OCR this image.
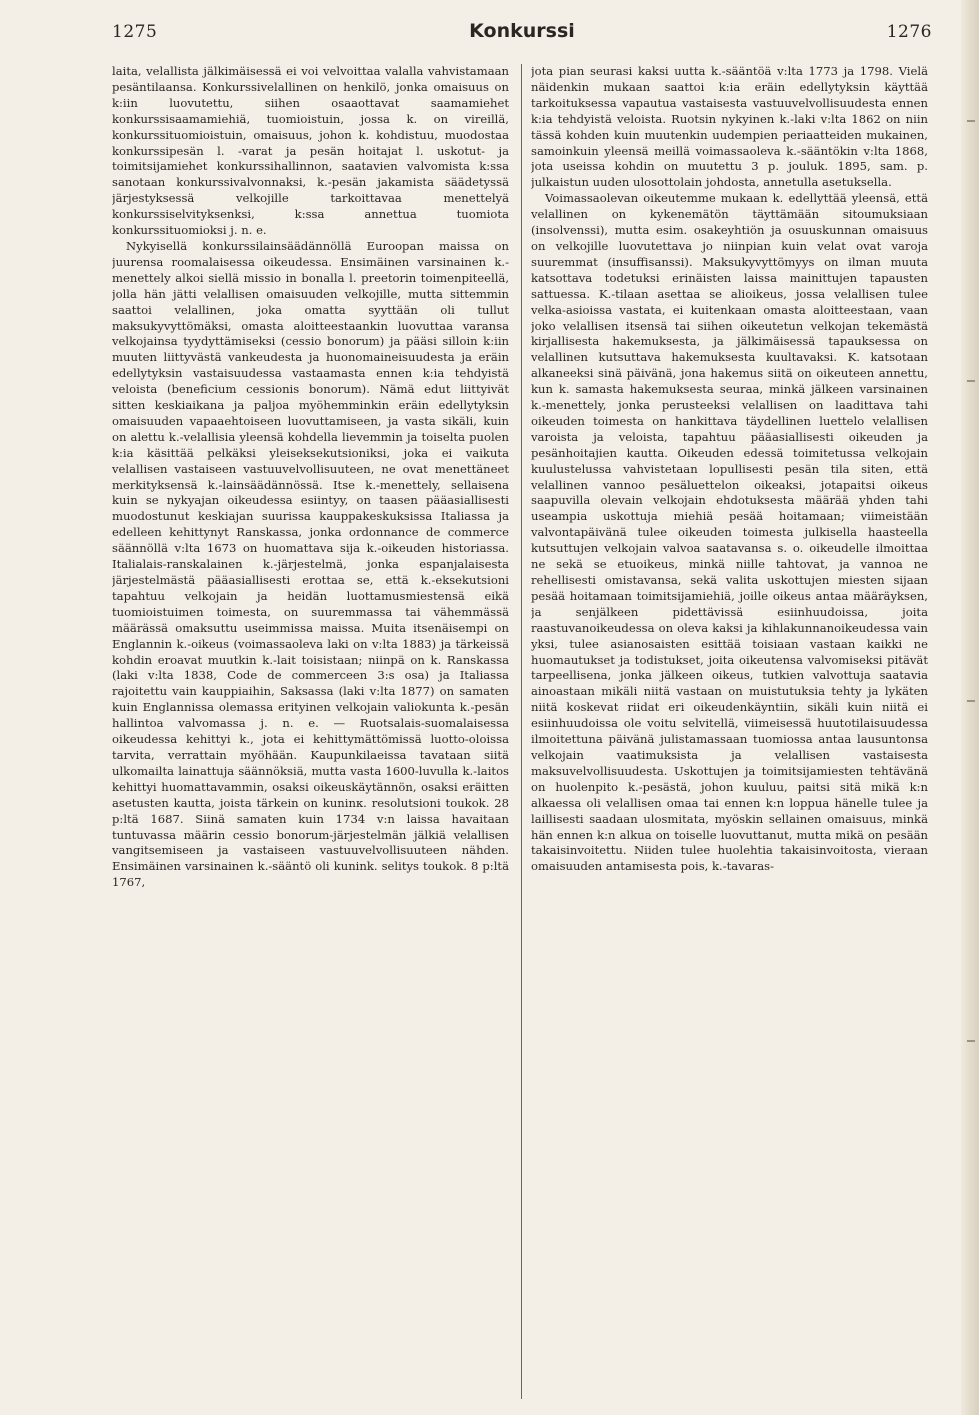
1275	Konkurssi	1276

laita, velallista jälkimäisessä ei voi velvoittaa valalla vahvistamaan pesäntilaansa. Konkurssivelallinen on henkilö, jonka omaisuus on k:iin luovutettu, siihen osaaottavat saamamiehet konkurssisaamamiehiä, tuomioistuin, jossa k. on vireillä, konkurssituomioistuin, omaisuus, johon k. kohdistuu, muodostaa konkurssipesän l. -varat ja pesän hoitajat l. uskotut- ja toimitsijamiehet konkurssihallinnon, saatavien valvomista k:ssa sanotaan konkurssivalvonnaksi, k.-pesän jakamista säädetyssä järjestyksessä velkojille tarkoittavaa menettelyä konkurssiselvityksenksi, k:ssa annettua tuomiota konkurssituomioksi j. n. e.

Nykyisellä konkurssilainsäädännöllä Euroopan maissa on juurensa roomalaisessa oikeudessa. Ensimäinen varsinainen k.-menettely alkoi siellä missio in bonalla l. preetorin toimenpiteellä, jolla hän jätti velallisen omaisuuden velkojille, mutta sittemmin saattoi velallinen, joka omatta syyttään oli tullut maksukyvyttömäksi, omasta aloitteestaankin luovuttaa varansa velkojainsa tyydyttämiseksi (cessio bonorum) ja pääsi silloin k:iin muuten liittyvästä vankeudesta ja huonomaineisuudesta ja eräin edellytyksin vastaisuudessa vastaamasta ennen k:ia tehdyistä veloista (beneficium cessionis bonorum). Nämä edut liittyivät sitten keskiaikana ja paljoa myöhemminkin eräin edellytyksin omaisuuden vapaaehtoiseen luovuttamiseen, ja vasta sikäli, kuin on alettu k.-velallisia yleensä kohdella lievemmin ja toiselta puolen k:ia käsittää pelkäksi yleiseksekutsioniksi, joka ei vaikuta velallisen vastaiseen vastuuvelvollisuuteen, ne ovat menettäneet merkityksensä k.-lainsäädännössä. Itse k.-menettely, sellaisena kuin se nykyajan oikeudessa esiintyy, on taasen pääasiallisesti muodostunut keskiajan suurissa kauppakeskuksissa Italiassa ja edelleen kehittynyt Ranskassa, jonka ordonnance de commerce säännöllä v:lta 1673 on huomattava sija k.-oikeuden historiassa. Italialais-ranskalainen k.-järjestelmä, jonka espanjalaisesta järjestelmästä pääasiallisesti erottaa se, että k.-eksekutsioni tapahtuu velkojain ja heidän luottamusmiestensä eikä tuomioistuimen toimesta, on suuremmassa tai vähemmässä määrässä omaksuttu useimmissa maissa. Muita itsenäisempi on Englannin k.-oikeus (voimassaoleva laki on v:lta 1883) ja tärkeissä kohdin eroavat muutkin k.-lait toisistaan; niinpä on k. Ranskassa (laki v:lta 1838, Code de commerceen 3:s osa) ja Italiassa rajoitettu vain kauppiaihin, Saksassa (laki v:lta 1877) on samaten kuin Englannissa olemassa erityinen velkojain valiokunta k.-pesän hallintoa valvomassa j. n. e. — Ruotsalais-suomalaisessa oikeudessa kehittyi k., jota ei kehittymättömissä luotto-oloissa tarvita, verrattain myöhään. Kaupunkilaeissa tavataan siitä ulkomailta lainattuja säännöksiä, mutta vasta 1600-luvulla k.-laitos kehittyi huomattavammin, osaksi oikeuskäytännön, osaksi eräitten asetusten kautta, joista tärkein on kuninк. resolutsioni toukok. 28 p:ltä 1687. Siinä samaten kuin 1734 v:n laissa havaitaan tuntuvassa määrin cessio bonorum-järjestelmän jälkiä velallisen vangitsemiseen ja vastaiseen vastuuvelvollisuuteen nähden. Ensimäinen varsinainen k.-sääntö oli kunink. selitys toukok. 8 p:ltä 1767,

jota pian seurasi kaksi uutta k.-sääntöä v:lta 1773 ja 1798. Vielä näidenkin mukaan saattoi k:ia eräin edellytyksin käyttää tarkoituksessa vapautua vastaisesta vastuuvelvollisuudesta ennen k:ia tehdyistä veloista. Ruotsin nykyinen k.-laki v:lta 1862 on niin tässä kohden kuin muutenkin uudempien periaatteiden mukainen, samoinkuin yleensä meillä voimassaoleva k.-sääntökin v:lta 1868, jota useissa kohdin on muutettu 3 p. jouluk. 1895, sam. p. julkaistun uuden ulosottolain johdosta, annetulla asetuksella.

Voimassaolevan oikeutemme mukaan k. edellyttää yleensä, että velallinen on kykenemätön täyttämään sitoumuksiaan (insolvenssi), mutta esim. osakeyhtiön ja osuuskunnan omaisuus on velkojille luovutettava jo niinpian kuin velat ovat varoja suuremmat (insuffisanssi). Maksukyvyttömyys on ilman muuta katsottava todetuksi erinäisten laissa mainittujen tapausten sattuessa. K.-tilaan asettaa se alioikeus, jossa velallisen tulee velka-asioissa vastata, ei kuitenkaan omasta aloitteestaan, vaan joko velallisen itsensä tai siihen oikeutetun velkojan tekemästä kirjallisesta hakemuksesta, ja jälkimäisessä tapauksessa on velallinen kutsuttava hakemuksesta kuultavaksi. K. katsotaan alkaneeksi sinä päivänä, jona hakemus siitä on oikeuteen annettu, kun k. samasta hakemuksesta seuraa, minkä jälkeen varsinainen k.-menettely, jonka perusteeksi velallisen on laadittava tahi oikeuden toimesta on hankittava täydellinen luettelo velallisen varoista ja veloista, tapahtuu pääasiallisesti oikeuden ja pesänhoitajien kautta. Oikeuden edessä toimitetussa velkojain kuulustelussa vahvistetaan lopullisesti pesän tila siten, että velallinen vannoo pesäluettelon oikeaksi, jotapaitsi oikeus saapuvilla olevain velkojain ehdotuksesta määrää yhden tahi useampia uskottuja miehiä pesää hoitamaan; viimeistään valvontapäivänä tulee oikeuden toimesta julkisella haasteella kutsuttujen velkojain valvoa saatavansa s. o. oikeudelle ilmoittaa ne sekä se etuoikeus, minkä niille tahtovat, ja vannoa ne rehellisesti omistavansa, sekä valita uskottujen miesten sijaan pesää hoitamaan toimitsijamiehiä, joille oikeus antaa määräyksen, ja senjälkeen pidettävissä esiinhuudoissa, joita raastuvanoikeudessa on oleva kaksi ja kihlakunnanoikeudessa vain yksi, tulee asianosaisten esittää toisiaan vastaan kaikki ne huomautukset ja todistukset, joita oikeutensa valvomiseksi pitävät tarpeellisena, jonka jälkeen oikeus, tutkien valvottuja saatavia ainoastaan mikäli niitä vastaan on muistutuksia tehty ja lykäten niitä koskevat riidat eri oikeudenkäyntiin, sikäli kuin niitä ei esiinhuudoissa ole voitu selvitellä, viimeisessä huutotilaisuudessa ilmoitettuna päivänä julistamassaan tuomiossa antaa lausuntonsa velkojain vaatimuksista ja velallisen vastaisesta maksuvelvollisuudesta. Uskottujen ja toimitsijamiesten tehtävänä on huolenpito k.-pesästä, johon kuuluu, paitsi sitä mikä k:n alkaessa oli velallisen omaa tai ennen k:n loppua hänelle tulee ja laillisesti saadaan ulosmitata, myöskin sellainen omaisuus, minkä hän ennen k:n alkua on toiselle luovuttanut, mutta mikä on pesään takaisinvoitettu. Niiden tulee huolehtia takaisinvoitosta, vieraan omaisuuden antamisesta pois, k.-tavaras-
